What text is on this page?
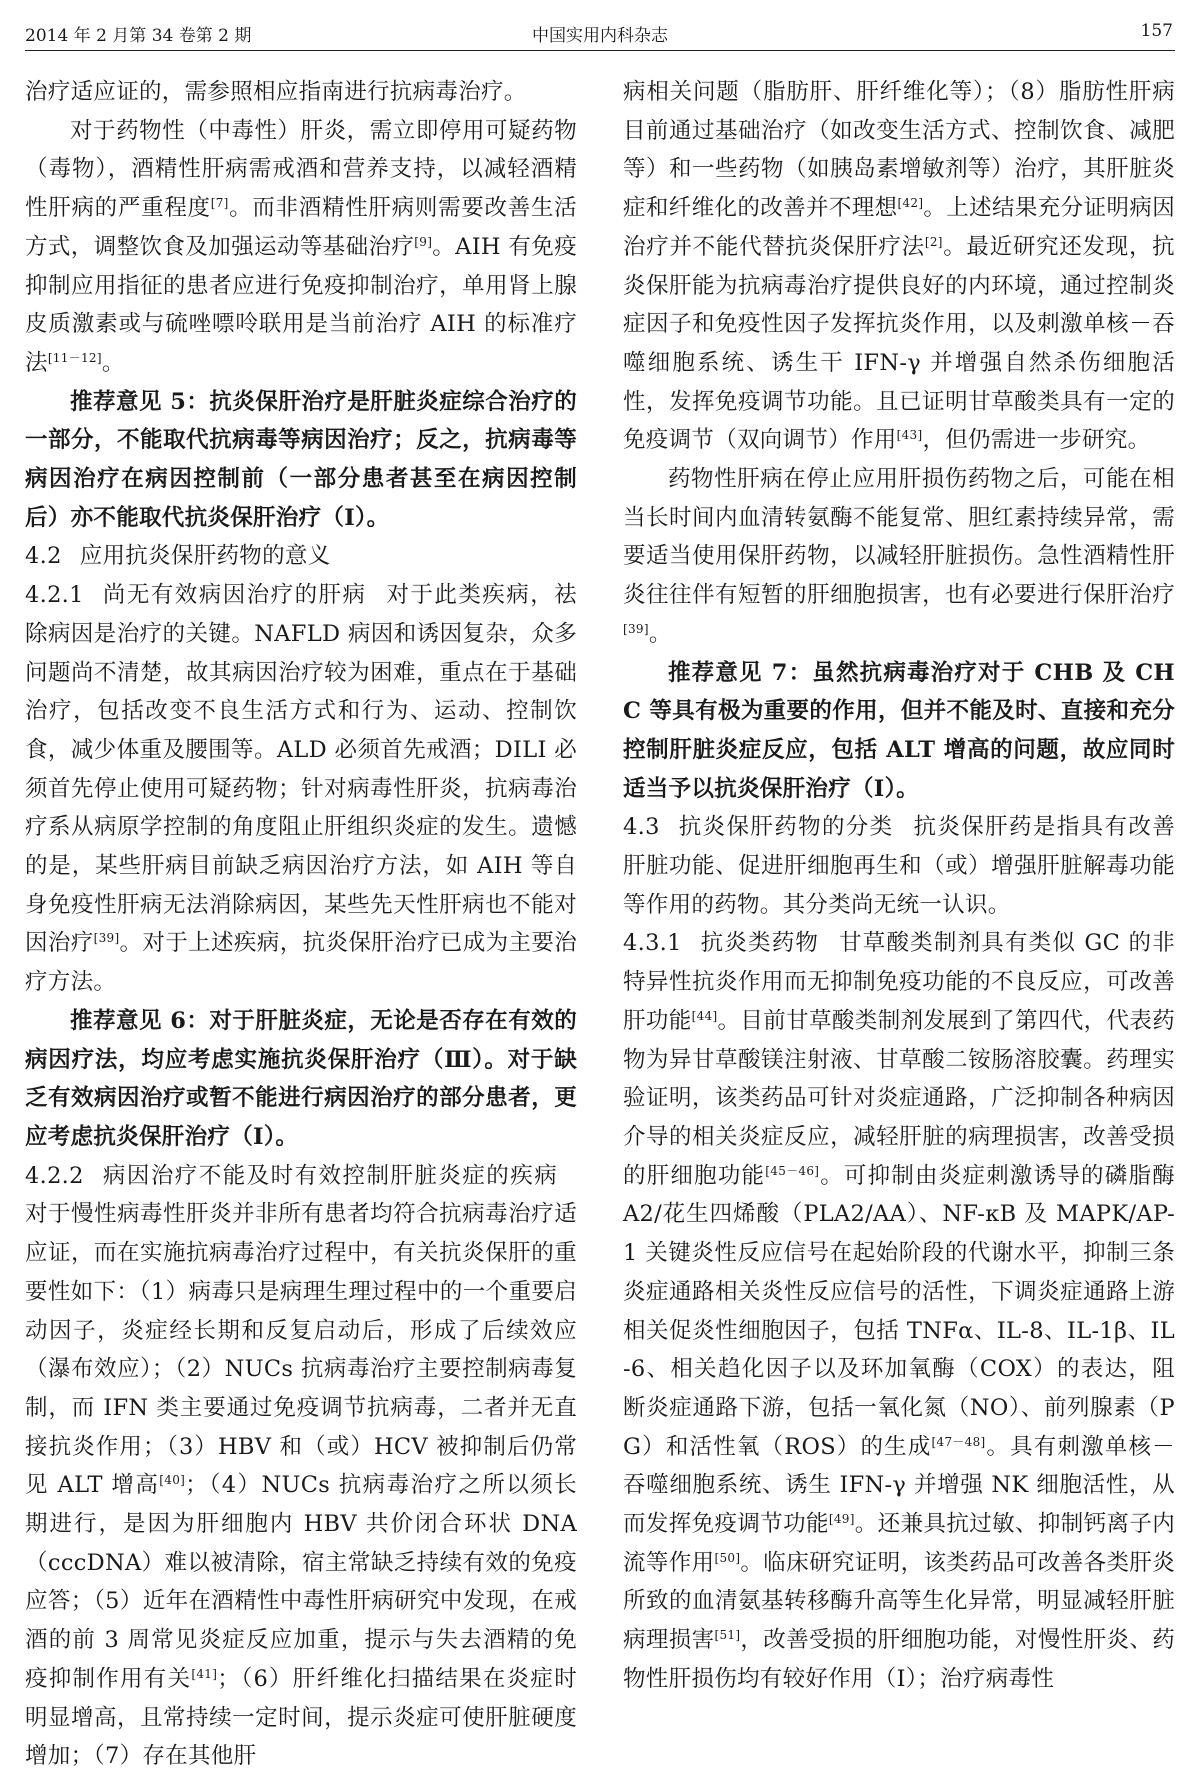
2014 年 2 月第 34 卷第 2 期	中国实用内科杂志	157

治疗适应证的，需参照相应指南进行抗病毒治疗。

对于药物性（中毒性）肝炎，需立即停用可疑药物（毒物），酒精性肝病需戒酒和营养支持，以减轻酒精性肝病的严重程度[7]。而非酒精性肝病则需要改善生活方式，调整饮食及加强运动等基础治疗[9]。AIH 有免疫抑制应用指征的患者应进行免疫抑制治疗，单用肾上腺皮质激素或与硫唑嘌呤联用是当前治疗 AIH 的标准疗法[11－12]。

推荐意见 5：抗炎保肝治疗是肝脏炎症综合治疗的一部分，不能取代抗病毒等病因治疗；反之，抗病毒等病因治疗在病因控制前（一部分患者甚至在病因控制后）亦不能取代抗炎保肝治疗（Ⅰ）。

4.2 应用抗炎保肝药物的意义

4.2.1 尚无有效病因治疗的肝病 对于此类疾病，祛除病因是治疗的关键。NAFLD 病因和诱因复杂，众多问题尚不清楚，故其病因治疗较为困难，重点在于基础治疗，包括改变不良生活方式和行为、运动、控制饮食，减少体重及腰围等。ALD 必须首先戒酒；DILI 必须首先停止使用可疑药物；针对病毒性肝炎，抗病毒治疗系从病原学控制的角度阻止肝组织炎症的发生。遗憾的是，某些肝病目前缺乏病因治疗方法，如 AIH 等自身免疫性肝病无法消除病因，某些先天性肝病也不能对因治疗[39]。对于上述疾病，抗炎保肝治疗已成为主要治疗方法。

推荐意见 6：对于肝脏炎症，无论是否存在有效的病因疗法，均应考虑实施抗炎保肝治疗（Ⅲ）。对于缺乏有效病因治疗或暂不能进行病因治疗的部分患者，更应考虑抗炎保肝治疗（Ⅰ）。

4.2.2 病因治疗不能及时有效控制肝脏炎症的疾病对于慢性病毒性肝炎并非所有患者均符合抗病毒治疗适应证，而在实施抗病毒治疗过程中，有关抗炎保肝的重要性如下：（1）病毒只是病理生理过程中的一个重要启动因子，炎症经长期和反复启动后，形成了后续效应（瀑布效应）；（2）NUCs 抗病毒治疗主要控制病毒复制，而 IFN 类主要通过免疫调节抗病毒，二者并无直接抗炎作用；（3）HBV 和（或）HCV 被抑制后仍常见 ALT 增高[40]；（4）NUCs 抗病毒治疗之所以须长期进行，是因为肝细胞内 HBV 共价闭合环状 DNA（cccDNA）难以被清除，宿主常缺乏持续有效的免疫应答；（5）近年在酒精性中毒性肝病研究中发现，在戒酒的前 3 周常见炎症反应加重，提示与失去酒精的免疫抑制作用有关[41]；（6）肝纤维化扫描结果在炎症时明显增高，且常持续一定时间，提示炎症可使肝脏硬度增加；（7）存在其他肝

病相关问题（脂肪肝、肝纤维化等）；（8）脂肪性肝病目前通过基础治疗（如改变生活方式、控制饮食、减肥等）和一些药物（如胰岛素增敏剂等）治疗，其肝脏炎症和纤维化的改善并不理想[42]。上述结果充分证明病因治疗并不能代替抗炎保肝疗法[2]。最近研究还发现，抗炎保肝能为抗病毒治疗提供良好的内环境，通过控制炎症因子和免疫性因子发挥抗炎作用，以及刺激单核－吞噬细胞系统、诱生干 IFN-γ 并增强自然杀伤细胞活性，发挥免疫调节功能。且已证明甘草酸类具有一定的免疫调节（双向调节）作用[43]，但仍需进一步研究。

药物性肝病在停止应用肝损伤药物之后，可能在相当长时间内血清转氨酶不能复常、胆红素持续异常，需要适当使用保肝药物，以减轻肝脏损伤。急性酒精性肝炎往往伴有短暂的肝细胞损害，也有必要进行保肝治疗[39]。

推荐意见 7：虽然抗病毒治疗对于 CHB 及 CHC 等具有极为重要的作用，但并不能及时、直接和充分控制肝脏炎症反应，包括 ALT 增高的问题，故应同时适当予以抗炎保肝治疗（Ⅰ）。

4.3 抗炎保肝药物的分类 抗炎保肝药是指具有改善肝脏功能、促进肝细胞再生和（或）增强肝脏解毒功能等作用的药物。其分类尚无统一认识。

4.3.1 抗炎类药物 甘草酸类制剂具有类似 GC 的非特异性抗炎作用而无抑制免疫功能的不良反应，可改善肝功能[44]。目前甘草酸类制剂发展到了第四代，代表药物为异甘草酸镁注射液、甘草酸二铵肠溶胶囊。药理实验证明，该类药品可针对炎症通路，广泛抑制各种病因介导的相关炎症反应，减轻肝脏的病理损害，改善受损的肝细胞功能[45－46]。可抑制由炎症刺激诱导的磷脂酶 A2/花生四烯酸（PLA2/AA）、NF-κB 及 MAPK/AP-1 关键炎性反应信号在起始阶段的代谢水平，抑制三条炎症通路相关炎性反应信号的活性，下调炎症通路上游相关促炎性细胞因子，包括 TNFα、IL-8、IL-1β、IL-6、相关趋化因子以及环加氧酶（COX）的表达，阻断炎症通路下游，包括一氧化氮（NO）、前列腺素（PG）和活性氧（ROS）的生成[47－48]。具有刺激单核－吞噬细胞系统、诱生 IFN-γ 并增强 NK 细胞活性，从而发挥免疫调节功能[49]。还兼具抗过敏、抑制钙离子内流等作用[50]。临床研究证明，该类药品可改善各类肝炎所致的血清氨基转移酶升高等生化异常，明显减轻肝脏病理损害[51]，改善受损的肝细胞功能，对慢性肝炎、药物性肝损伤均有较好作用（Ⅰ）；治疗病毒性
